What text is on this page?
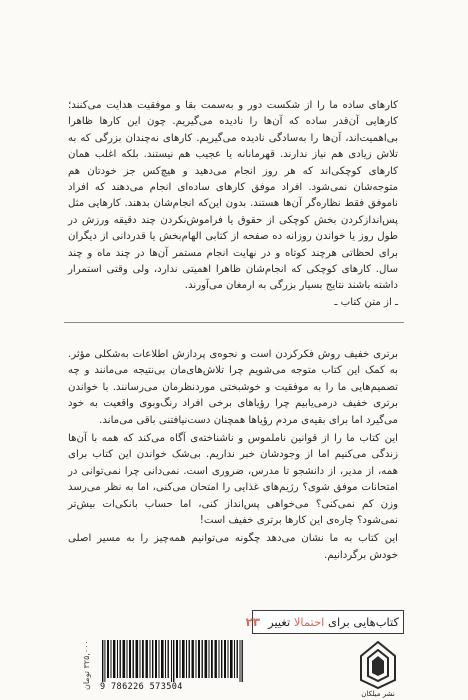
کارهای ساده ما را از شکست دور و به‌سمت بقا و موفقیت هدایت می‌کنند؛ کارهایی آن‌قدر ساده که آن‌ها را نادیده می‌گیریم. چون این کارها ظاهرا بی‌اهمیت‌اند، آن‌ها را به‌سادگی نادیده می‌گیریم. کارهای نه‌چندان بزرگی که به تلاش زیادی هم نیاز ندارند. قهرمانانه یا عجیب هم نیستند. بلکه اغلب همان کارهای کوچکی‌اند که هر روز انجام می‌دهید و هیچ‌کس جز خودتان هم متوجه‌شان نمی‌شود. افراد موفق کارهای ساده‌ای انجام می‌دهند که افراد ناموفق فقط نظاره‌گر آن‌ها هستند. بدون این‌که انجام‌شان بدهند. کارهایی مثل پس‌انداز‌کردن بخش کوچکی از حقوق یا فراموش‌نکردن چند دقیقه ورزش در طول روز یا خواندن روزانه ده صفحه از کتابی الهام‌بخش یا قدردانی از دیگران برای لحظاتی هرچند کوتاه و در نهایت انجام مستمر آن‌ها در چند ماه و چند سال. کارهای کوچکی که انجام‌شان ظاهرا اهمیتی ندارد، ولی وقتی استمرار داشته باشند نتایج بسیار بزرگی به ارمغان می‌آورند.

ـ از متن کتاب ـ

برتری خفیف روش فکرکردن است و نحوه‌ی پردازش اطلاعات به‌شکلی مؤثر. به کمک این کتاب متوجه می‌شویم چرا تلاش‌های‌مان بی‌نتیجه می‌مانند و چه تصمیم‌هایی ما را به موفقیت و خوشبختی مورد‌نظرمان می‌رسانند. با خواندن برتری خفیف درمی‌یابیم چرا رؤیاهای برخی افراد رنگ‌وبوی واقعیت به خود می‌گیرد اما برای بقیه‌ی مردم رؤیاها همچنان دست‌نیافتنی باقی می‌ماند.

این کتاب ما را از قوانین ناملموس و ناشناخته‌ی آگاه می‌کند که همه با آن‌ها زندگی می‌کنیم اما از وجودشان خبر نداریم. بی‌شک خواندن این کتاب برای همه، از مدیر، از دانشجو تا مدرس، ضروری است. نمی‌دانی چرا نمی‌توانی در امتحانات موفق شوی؟ رژیم‌های غذایی را امتحان می‌کنی، اما به نظر می‌رسد وزن کم نمی‌کنی؟ می‌خواهی پس‌انداز کنی، اما حساب بانکی‌ات بیش‌تر نمی‌شود؟ چاره‌ی این کارها برتری خفیف است!

این کتاب به ما نشان می‌دهد چگونه می‌توانیم همه‌چیز را به مسیر اصلی خودش برگردانیم.

کتاب‌هایی برای احتمالا تغییر
۲۳
۳۲۵,۰۰۰ تومان
9 786226 573504
نشر میلکان
